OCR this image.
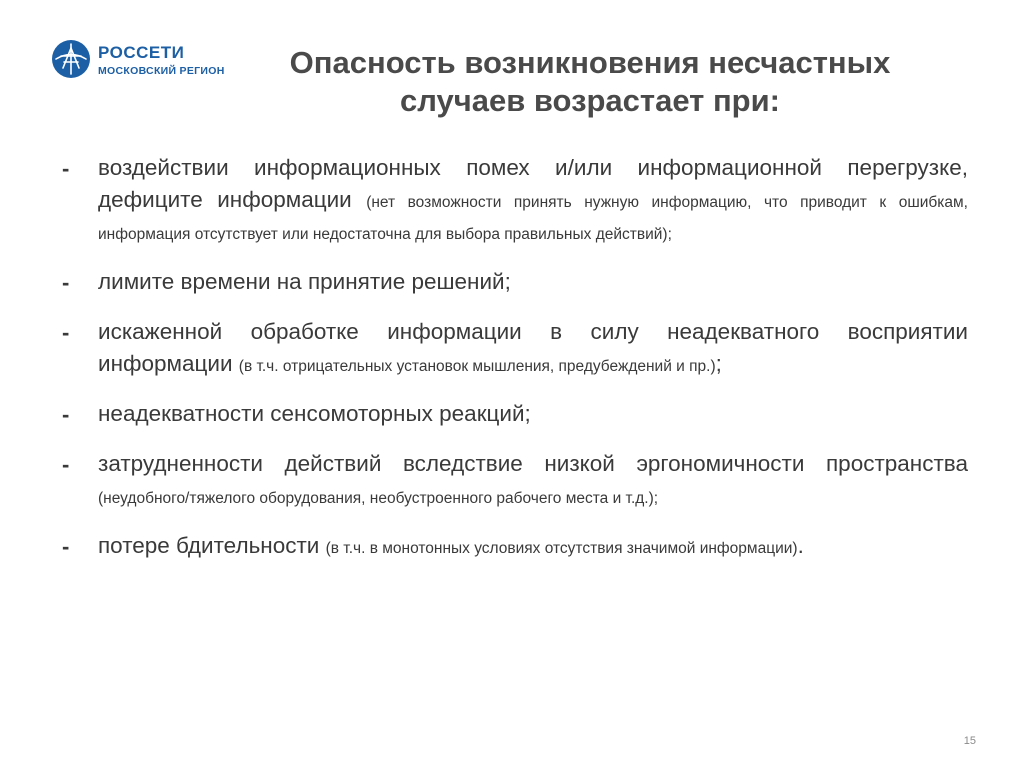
РОССЕТИ
МОСКОВСКИЙ РЕГИОН	Опасность возникновения несчастных
случаев возрастает при:
- воздействии информационных помех и/или информационной перегрузке, дефиците информации (нет возможности принять нужную информацию, что приводит к ошибкам, информация отсутствует или недостаточна для выбора правильных действий);
- лимите времени на принятие решений;
- искаженной обработке информации в силу неадекватного восприятии информации (в т.ч. отрицательных установок мышления, предубеждений и пр.);
- неадекватности сенсомоторных реакций;
- затрудненности действий вследствие низкой эргономичности пространства (неудобного/тяжелого оборудования, необустроенного рабочего места и т.д.);
- потере бдительности (в т.ч. в монотонных условиях отсутствия значимой информации).
15
